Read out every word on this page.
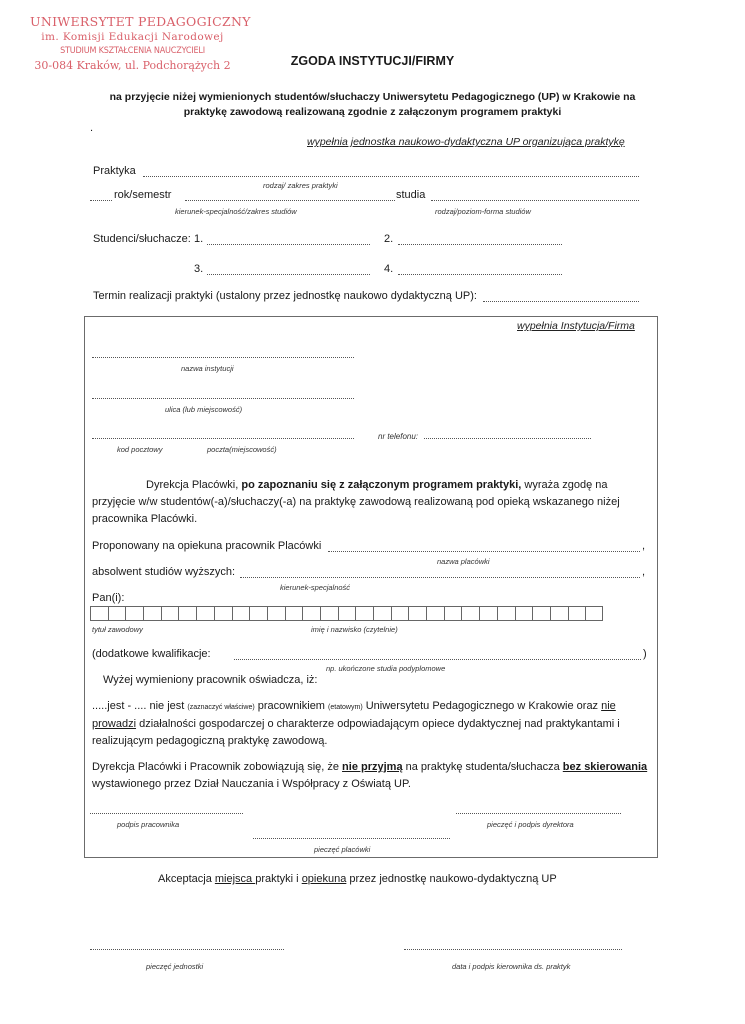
UNIWERSYTET PEDAGOGICZNY
im. Komisji Edukacji Narodowej
STUDIUM KSZTAŁCENIA NAUCZYCIELI
30-084 Kraków, ul. Podchorążych 2	ZGODA INSTYTUCJI/FIRMY
na przyjęcie niżej wymienionych studentów/słuchaczy Uniwersytetu Pedagogicznego (UP) w Krakowie na
praktykę zawodową realizowaną zgodnie z załączonym programem praktyki
.
wypełnia jednostka naukowo-dydaktyczna UP organizująca praktykę
Praktyka
rodzaj/ zakres praktyki
rok/semestr
kierunek-specjalność/zakres studiów
studia
rodzaj/poziom-forma studiów
Studenci/słuchacze: 1.	2.
3.	4.
Termin realizacji praktyki (ustalony przez jednostkę naukowo dydaktyczną UP):
wypełnia Instytucja/Firma
nazwa instytucji
ulica (lub miejscowość)
kod pocztowy	poczta(miejscowość)
nr telefonu:
Dyrekcja Placówki, po zapoznaniu się z załączonym programem praktyki, wyraża zgodę na przyjęcie w/w studentów(-a)/słuchaczy(-a) na praktykę zawodową realizowaną pod opieką wskazanego niżej pracownika Placówki.
Proponowany na opiekuna pracownik Placówki	,
nazwa placówki
absolwent studiów wyższych:	,
kierunek-specjalność
Pan(i):
tytuł zawodowy	imię i nazwisko (czytelnie)
(dodatkowe kwalifikacje:	)
np. ukończone studia podyplomowe
Wyżej wymieniony pracownik oświadcza, iż:
.....jest - .... nie jest (zaznaczyć właściwe) pracownikiem (etatowym) Uniwersytetu Pedagogicznego w Krakowie oraz nie prowadzi działalności gospodarczej o charakterze odpowiadającym opiece dydaktycznej nad praktykantami i realizującym pedagogiczną praktykę zawodową.
Dyrekcja Placówki i Pracownik zobowiązują się, że nie przyjmą na praktykę studenta/słuchacza bez skierowania wystawionego przez Dział Nauczania i Współpracy z Oświatą UP.
podpis pracownika	pieczęć i podpis dyrektora
pieczęć placówki
Akceptacja miejsca praktyki i opiekuna przez jednostkę naukowo-dydaktyczną UP
pieczęć jednostki	data i podpis kierownika ds. praktyk
